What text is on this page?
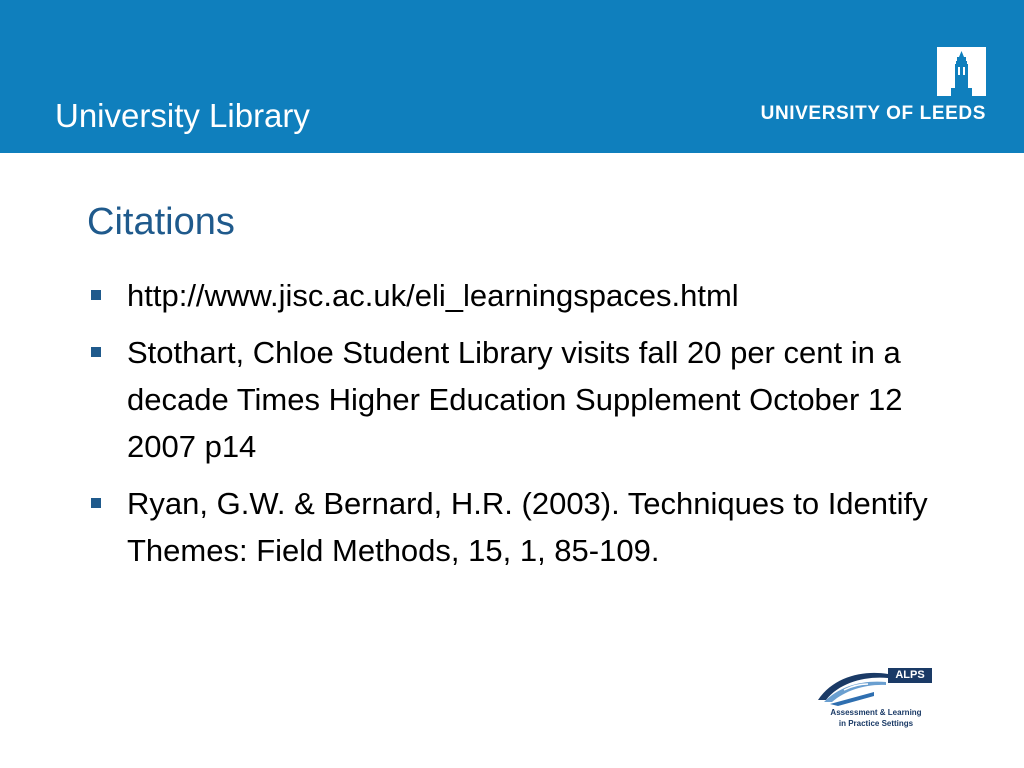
University Library	UNIVERSITY OF LEEDS
Citations
http://www.jisc.ac.uk/eli_learningspaces.html
Stothart, Chloe Student Library visits fall 20 per cent in a decade Times Higher Education Supplement October 12 2007 p14
Ryan, G.W. & Bernard, H.R. (2003). Techniques to Identify Themes: Field Methods, 15, 1, 85-109.
ALPS
Assessment & Learning
in Practice Settings
